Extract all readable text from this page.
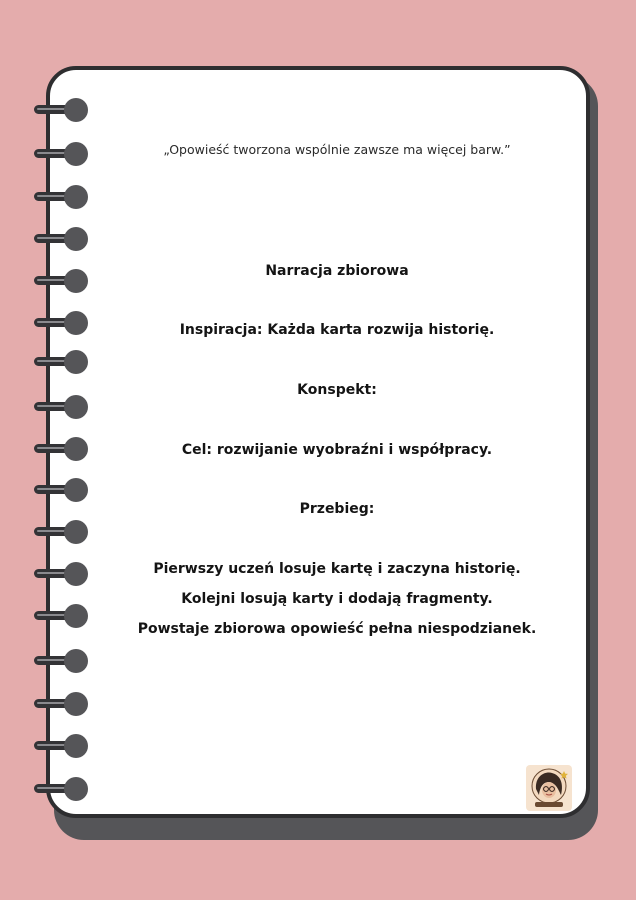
„Opowieść tworzona wspólnie zawsze ma więcej barw.”
Narracja zbiorowa
Inspiracja: Każda karta rozwija historię.
Konspekt:
Cel: rozwijanie wyobraźni i współpracy.
Przebieg:
Pierwszy uczeń losuje kartę i zaczyna historię.
Kolejni losują karty i dodają fragmenty.
Powstaje zbiorowa opowieść pełna niespodzianek.
